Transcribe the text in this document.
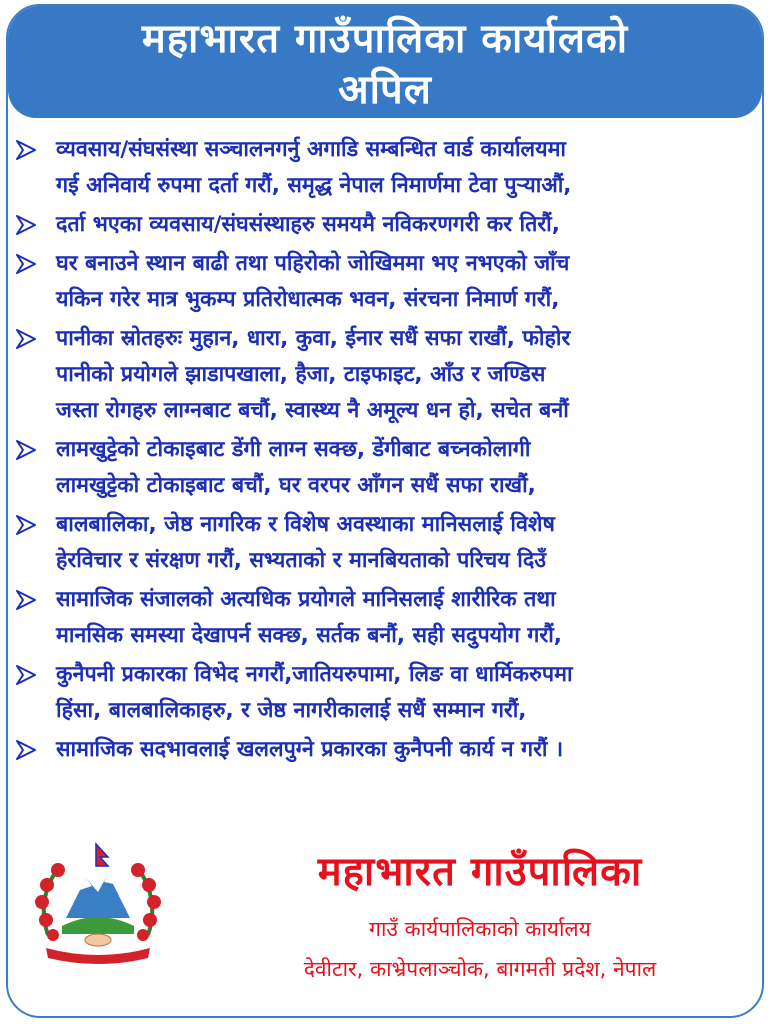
महाभारत गाउँपालिका कार्यालको
अपिल
व्यवसाय/संघसंस्था सञ्चालनगर्नु अगाडि सम्बन्धित वार्ड कार्यालयमा
गई अनिवार्य रुपमा दर्ता गरौं, समृद्ध नेपाल निमार्णमा टेवा पुऱ्याऔं,
दर्ता भएका व्यवसाय/संघसंस्थाहरु समयमै नविकरणगरी कर तिरौं,
घर बनाउने स्थान बाढी तथा पहिरोको जोखिममा भए नभएको जाँच
यकिन गरेर मात्र भुकम्प प्रतिरोधात्मक भवन, संरचना निमार्ण गरौं,
पानीका स्रोतहरुः मुहान, धारा, कुवा, ईनार सधैं सफा राखौं, फोहोर
पानीको प्रयोगले झाडापखाला, हैजा, टाइफाइट, आँउ र जण्डिस
जस्ता रोगहरु लाग्नबाट बचौं, स्वास्थ्य नै अमूल्य धन हो, सचेत बनौं
लामखुट्टेको टोकाइबाट डेंगी लाग्न सक्छ, डेंगीबाट बच्नकोलागी
लामखुट्टेको टोकाइबाट बचौं, घर वरपर आँगन सधैं सफा राखौं,
बालबालिका, जेष्ठ नागरिक र विशेष अवस्थाका मानिसलाई विशेष
हेरविचार र संरक्षण गरौं, सभ्यताको र मानबियताको परिचय दिउँ
सामाजिक संजालको अत्यधिक प्रयोगले मानिसलाई शारीरिक तथा
मानसिक समस्या देखापर्न सक्छ, सर्तक बनौं, सही सदुपयोग गरौं,
कुनैपनी प्रकारका विभेद नगरौं,जातियरुपामा, लिङ वा धार्मिकरुपमा
हिंसा, बालबालिकाहरु, र जेष्ठ नागरीकालाई सधैं सम्मान गरौं,
सामाजिक सदभावलाई खललपुग्ने प्रकारका कुनैपनी कार्य न गरौं ।
महाभारत गाउँपालिका
गाउँ कार्यपालिकाको कार्यालय
देवीटार, काभ्रेपलाञ्चोक, बागमती प्रदेश, नेपाल
